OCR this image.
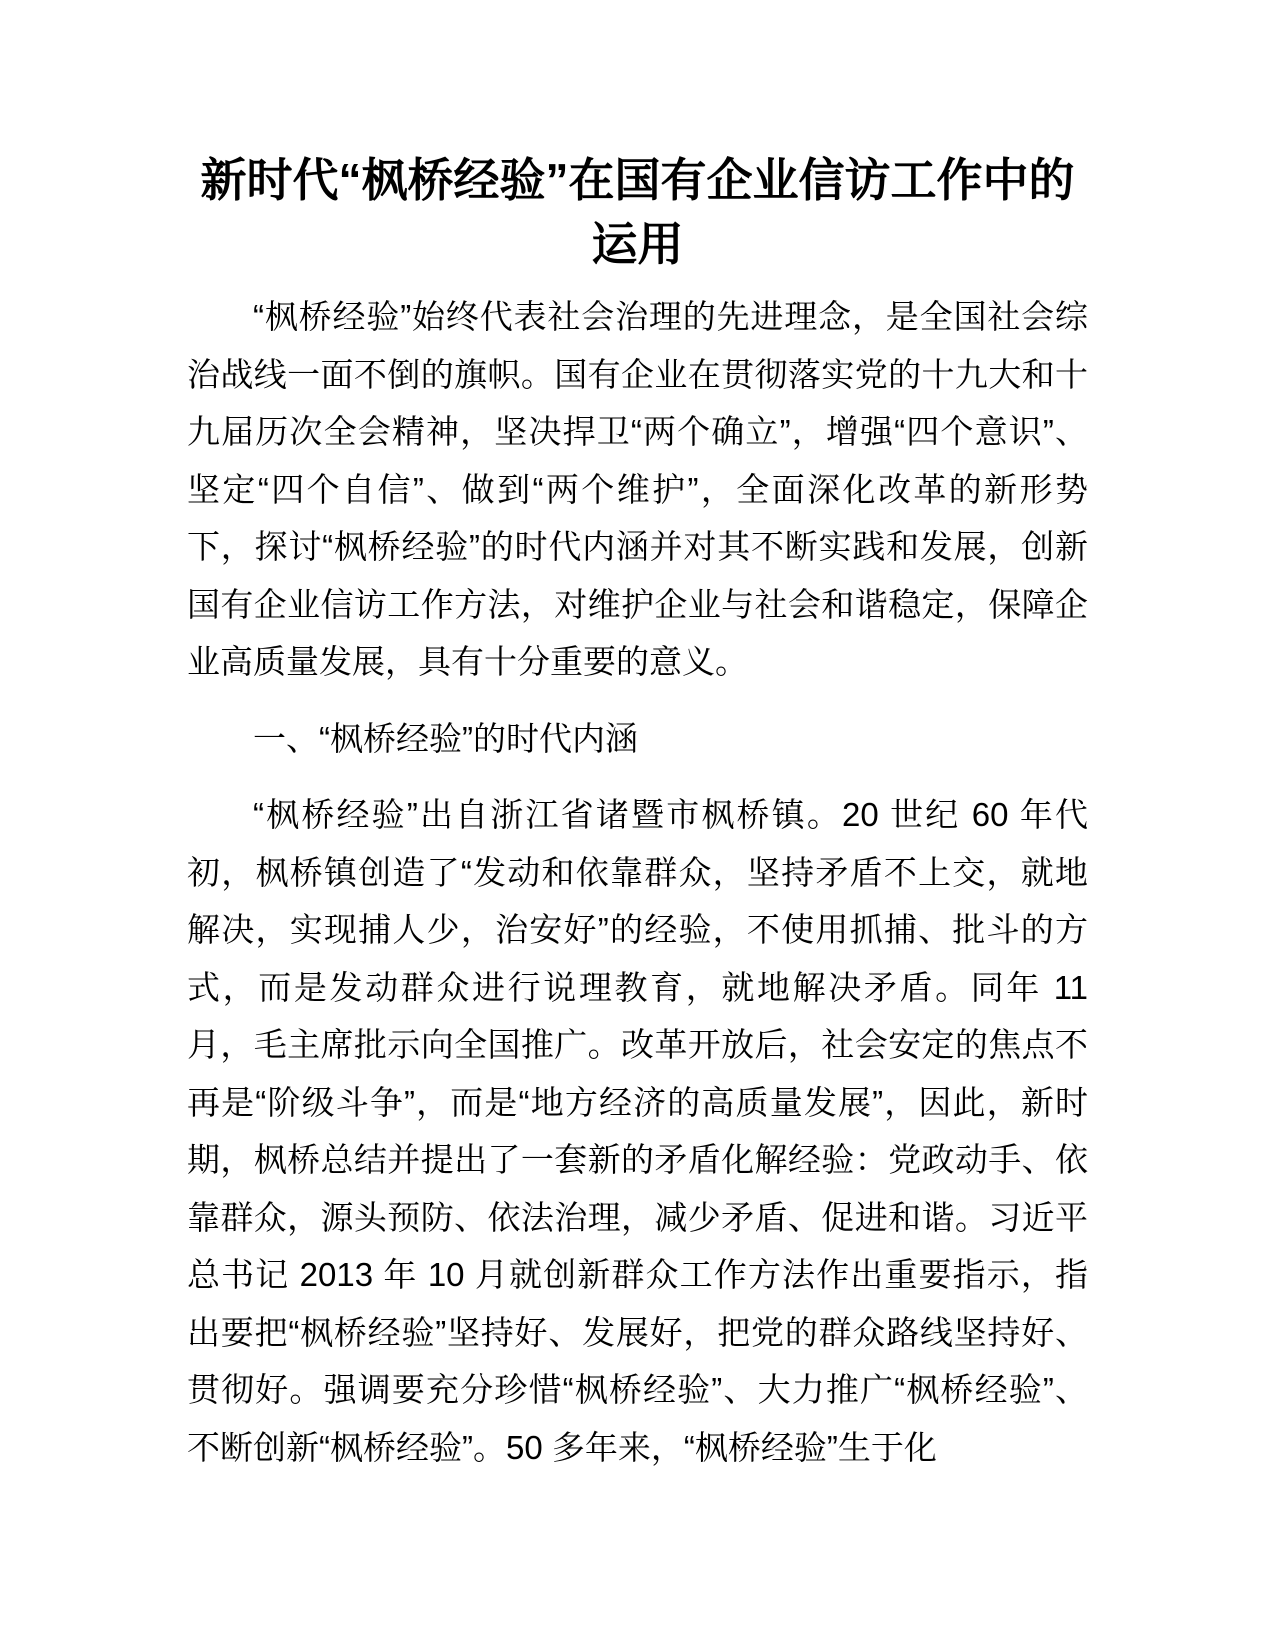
新时代“枫桥经验”在国有企业信访工作中的运用

“枫桥经验”始终代表社会治理的先进理念，是全国社会综治战线一面不倒的旗帜。国有企业在贯彻落实党的十九大和十九届历次全会精神，坚决捍卫“两个确立”，增强“四个意识”、坚定“四个自信”、做到“两个维护”，全面深化改革的新形势下，探讨“枫桥经验”的时代内涵并对其不断实践和发展，创新国有企业信访工作方法，对维护企业与社会和谐稳定，保障企业高质量发展，具有十分重要的意义。

一、“枫桥经验”的时代内涵

“枫桥经验”出自浙江省诸暨市枫桥镇。20 世纪 60 年代初，枫桥镇创造了“发动和依靠群众，坚持矛盾不上交，就地解决，实现捕人少，治安好”的经验，不使用抓捕、批斗的方式，而是发动群众进行说理教育，就地解决矛盾。同年 11 月，毛主席批示向全国推广。改革开放后，社会安定的焦点不再是“阶级斗争”，而是“地方经济的高质量发展”，因此，新时期，枫桥总结并提出了一套新的矛盾化解经验：党政动手、依靠群众，源头预防、依法治理，减少矛盾、促进和谐。习近平总书记 2013 年 10 月就创新群众工作方法作出重要指示，指出要把“枫桥经验”坚持好、发展好，把党的群众路线坚持好、贯彻好。强调要充分珍惜“枫桥经验”、大力推广“枫桥经验”、不断创新“枫桥经验”。50 多年来，“枫桥经验”生于化
